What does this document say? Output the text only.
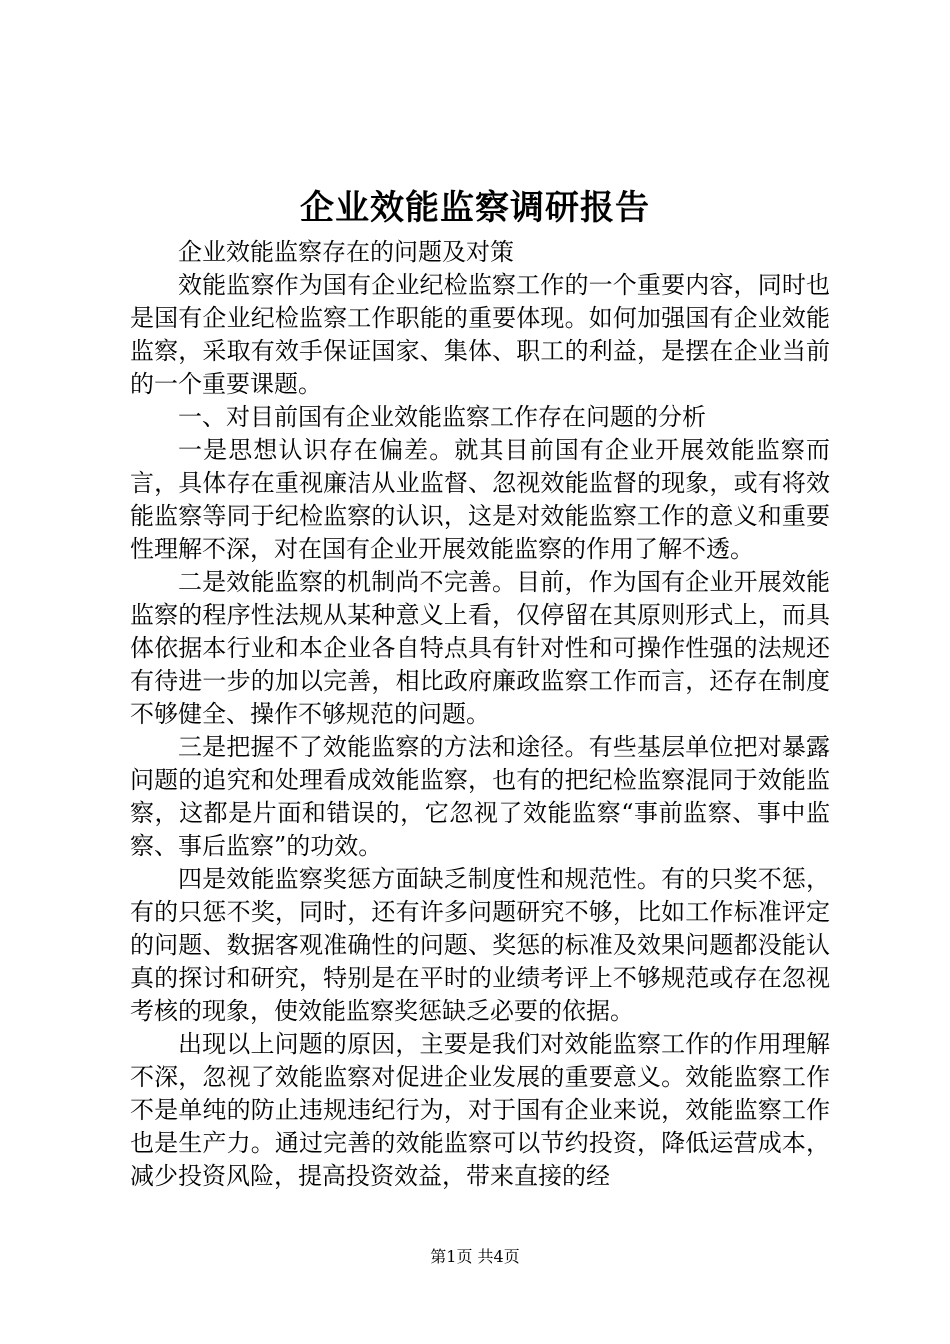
企业效能监察调研报告

企业效能监察存在的问题及对策

效能监察作为国有企业纪检监察工作的一个重要内容，同时也是国有企业纪检监察工作职能的重要体现。如何加强国有企业效能监察，采取有效手保证国家、集体、职工的利益，是摆在企业当前的一个重要课题。

一、对目前国有企业效能监察工作存在问题的分析

一是思想认识存在偏差。就其目前国有企业开展效能监察而言，具体存在重视廉洁从业监督、忽视效能监督的现象，或有将效能监察等同于纪检监察的认识，这是对效能监察工作的意义和重要性理解不深，对在国有企业开展效能监察的作用了解不透。

二是效能监察的机制尚不完善。目前，作为国有企业开展效能监察的程序性法规从某种意义上看，仅停留在其原则形式上，而具体依据本行业和本企业各自特点具有针对性和可操作性强的法规还有待进一步的加以完善，相比政府廉政监察工作而言，还存在制度不够健全、操作不够规范的问题。

三是把握不了效能监察的方法和途径。有些基层单位把对暴露问题的追究和处理看成效能监察，也有的把纪检监察混同于效能监察，这都是片面和错误的，它忽视了效能监察“事前监察、事中监察、事后监察”的功效。

四是效能监察奖惩方面缺乏制度性和规范性。有的只奖不惩，有的只惩不奖，同时，还有许多问题研究不够，比如工作标准评定的问题、数据客观准确性的问题、奖惩的标准及效果问题都没能认真的探讨和研究，特别是在平时的业绩考评上不够规范或存在忽视考核的现象，使效能监察奖惩缺乏必要的依据。

出现以上问题的原因，主要是我们对效能监察工作的作用理解不深，忽视了效能监察对促进企业发展的重要意义。效能监察工作不是单纯的防止违规违纪行为，对于国有企业来说，效能监察工作也是生产力。通过完善的效能监察可以节约投资，降低运营成本，减少投资风险，提高投资效益，带来直接的经

第1页 共4页
